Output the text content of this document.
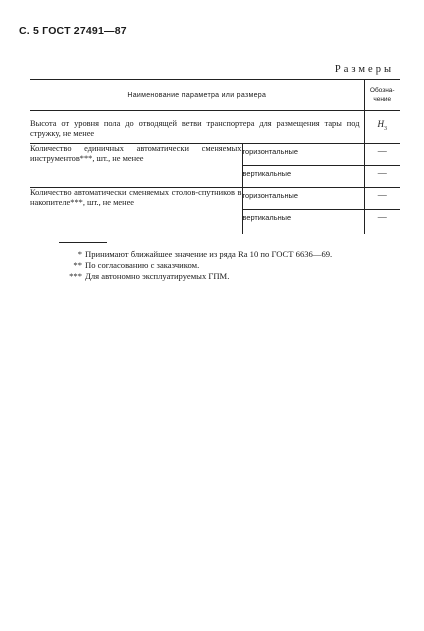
С. 5 ГОСТ 27491—87
Размеры
Наименование параметра или размера		Обозна-
чение

Высота от уровня пола до отводящей ветви транспортера для размещения тары под стружку, не менее		$H_3$
Количество единичных автоматически сменяемых инструментов***, шт., не менее	горизонтальные	—
	вертикальные	—
Количество автоматически сменяемых столов-спутников в накопителе***, шт., не менее	горизонтальные	—
	вертикальные	—
* Принимают ближайшее значение из ряда Ra 10 по ГОСТ 6636—69.
** По согласованию с заказчиком.
*** Для автономно эксплуатируемых ГПМ.
